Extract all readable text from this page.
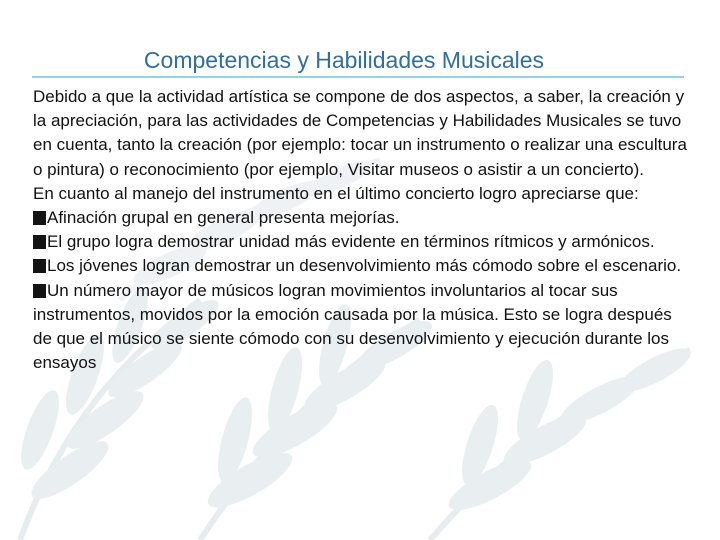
Competencias y Habilidades Musicales

Debido a que la actividad artística se compone de dos aspectos, a saber, la creación y la apreciación, para las actividades de Competencias y Habilidades Musicales se tuvo en cuenta, tanto la creación (por ejemplo: tocar un instrumento o realizar una escultura o pintura) o reconocimiento (por ejemplo, Visitar museos o asistir a un concierto).

En cuanto al manejo del instrumento en el último concierto logro apreciarse que:

Afinación grupal en general presenta mejorías.

El grupo logra demostrar unidad más evidente en términos rítmicos y armónicos.

Los jóvenes logran demostrar un desenvolvimiento más cómodo sobre el escenario.

Un número mayor de músicos logran movimientos involuntarios al tocar sus instrumentos, movidos por la emoción causada por la música. Esto se logra después de que el músico se siente cómodo con su desenvolvimiento y ejecución durante los ensayos
